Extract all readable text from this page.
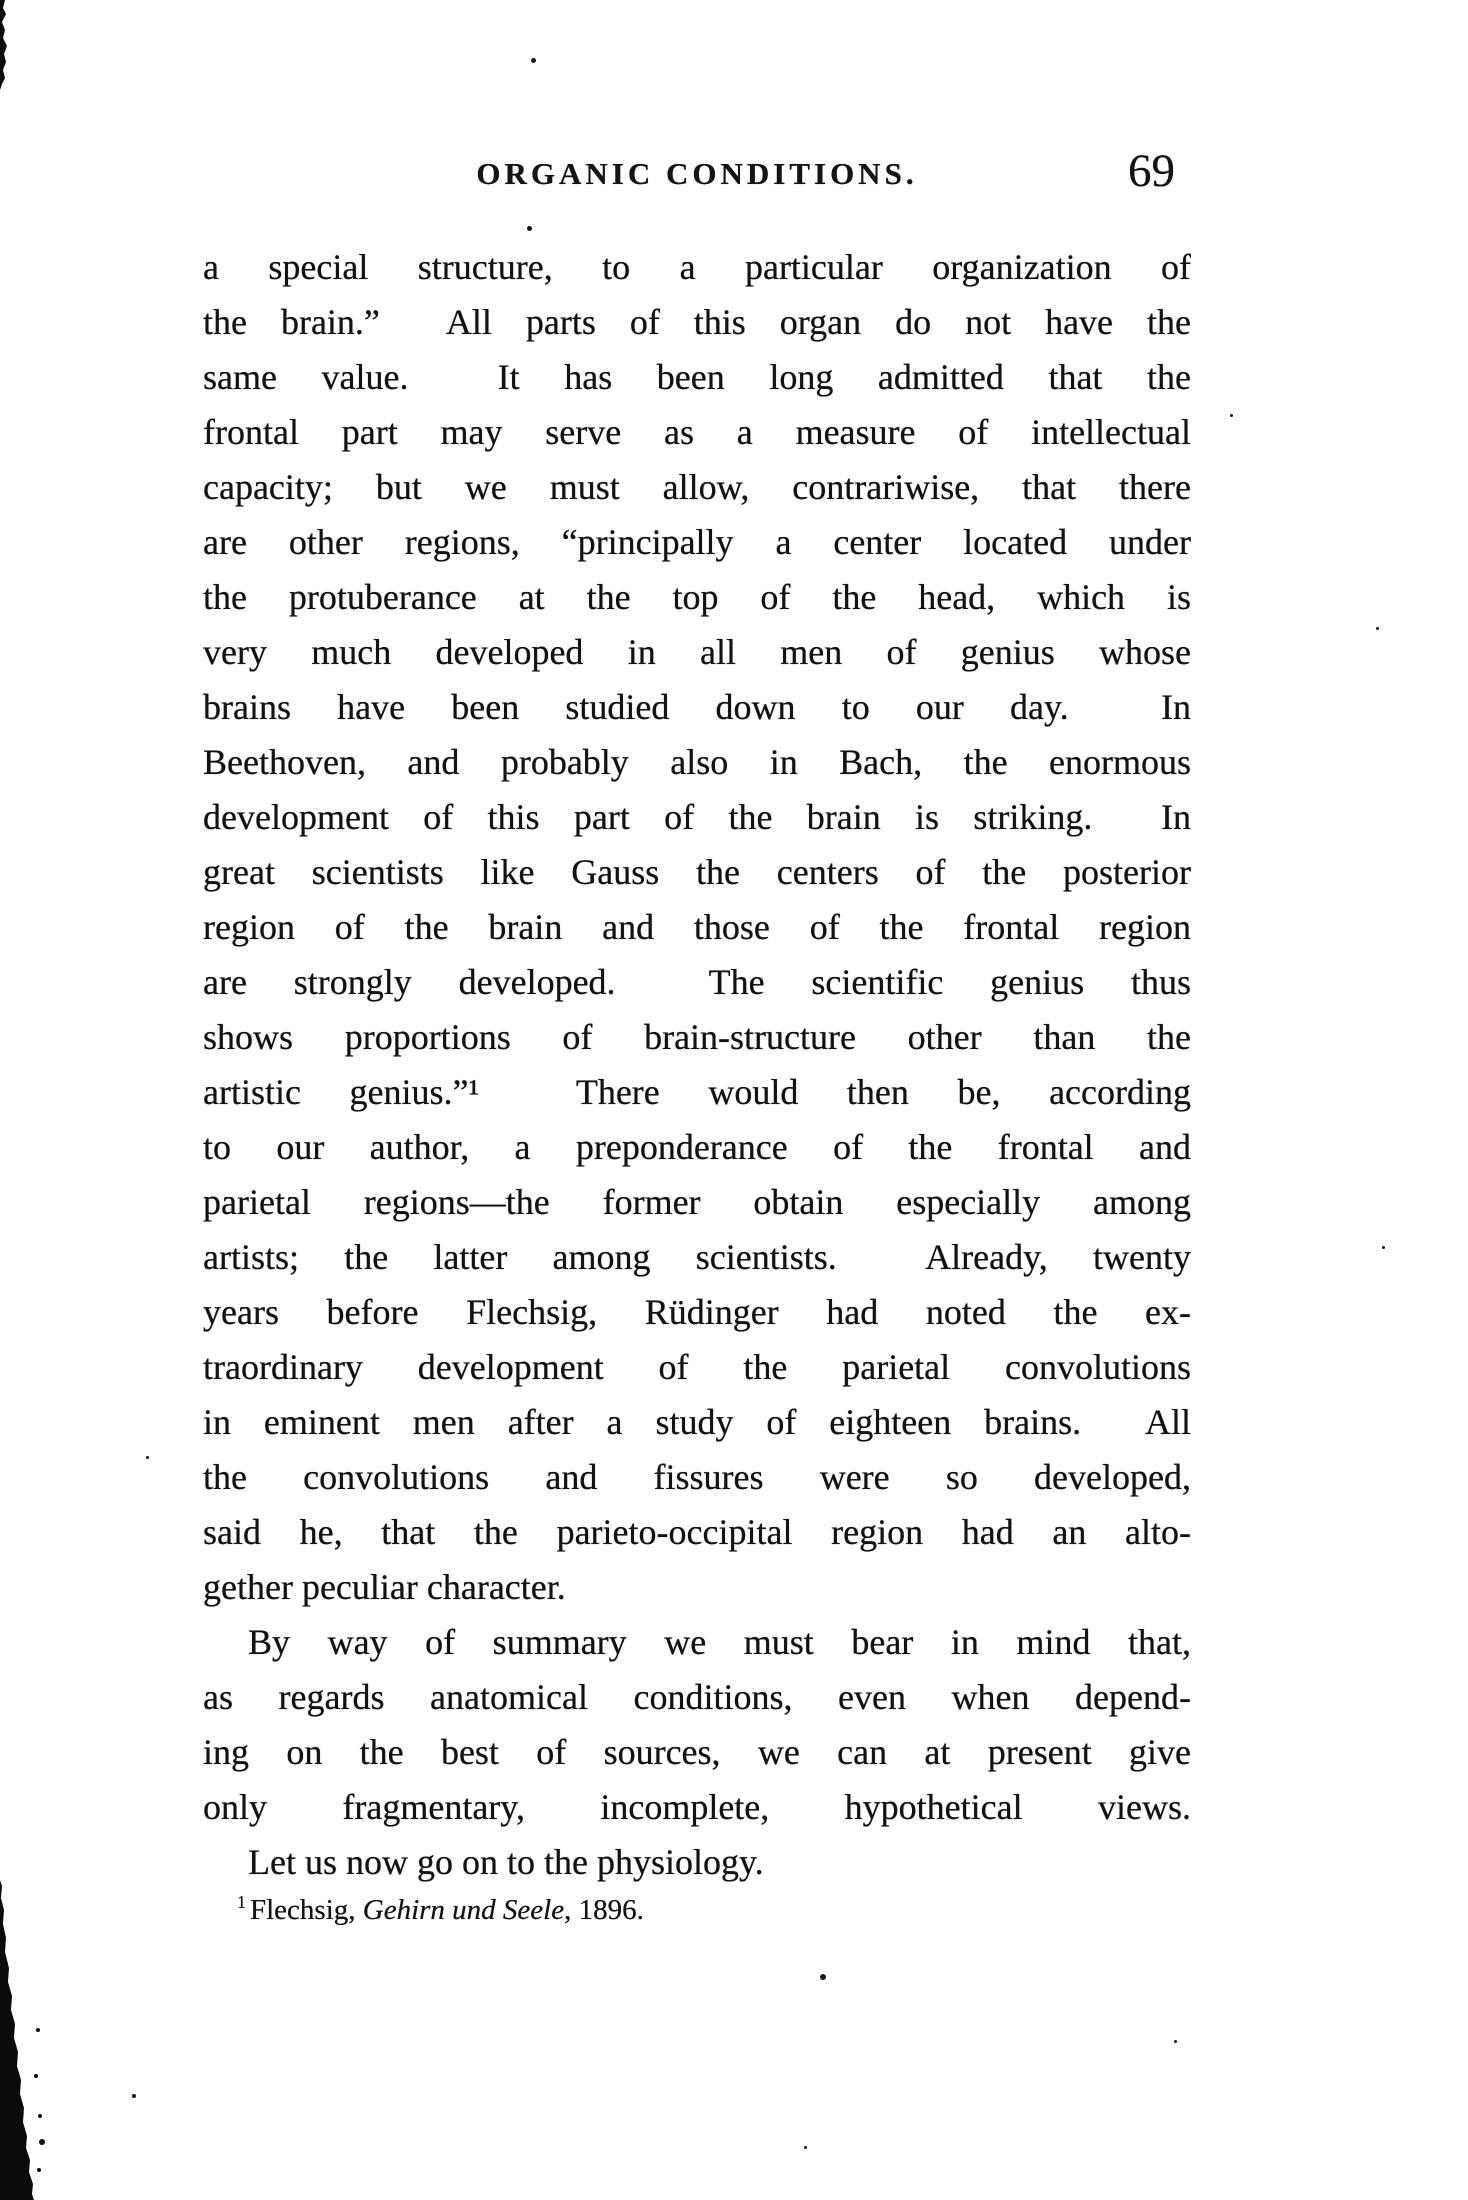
ORGANIC CONDITIONS.	69
a special structure, to a particular organization of
the brain.”  All parts of this organ do not have the
same value.  It has been long admitted that the
frontal part may serve as a measure of intellectual
capacity; but we must allow, contrariwise, that there
are other regions, “principally a center located under
the protuberance at the top of the head, which is
very much developed in all men of genius whose
brains have been studied down to our day.  In
Beethoven, and probably also in Bach, the enormous
development of this part of the brain is striking.  In
great scientists like Gauss the centers of the posterior
region of the brain and those of the frontal region
are strongly developed.  The scientific genius thus
shows proportions of brain-structure other than the
artistic genius.”¹  There would then be, according
to our author, a preponderance of the frontal and
parietal regions—the former obtain especially among
artists; the latter among scientists.  Already, twenty
years before Flechsig, Rüdinger had noted the ex-
traordinary development of the parietal convolutions
in eminent men after a study of eighteen brains.  All
the convolutions and fissures were so developed,
said he, that the parieto-occipital region had an alto-
gether peculiar character.
By way of summary we must bear in mind that,
as regards anatomical conditions, even when depend-
ing on the best of sources, we can at present give
only fragmentary, incomplete, hypothetical views.
Let us now go on to the physiology.
$^1$ Flechsig, Gehirn und Seele, 1896.
